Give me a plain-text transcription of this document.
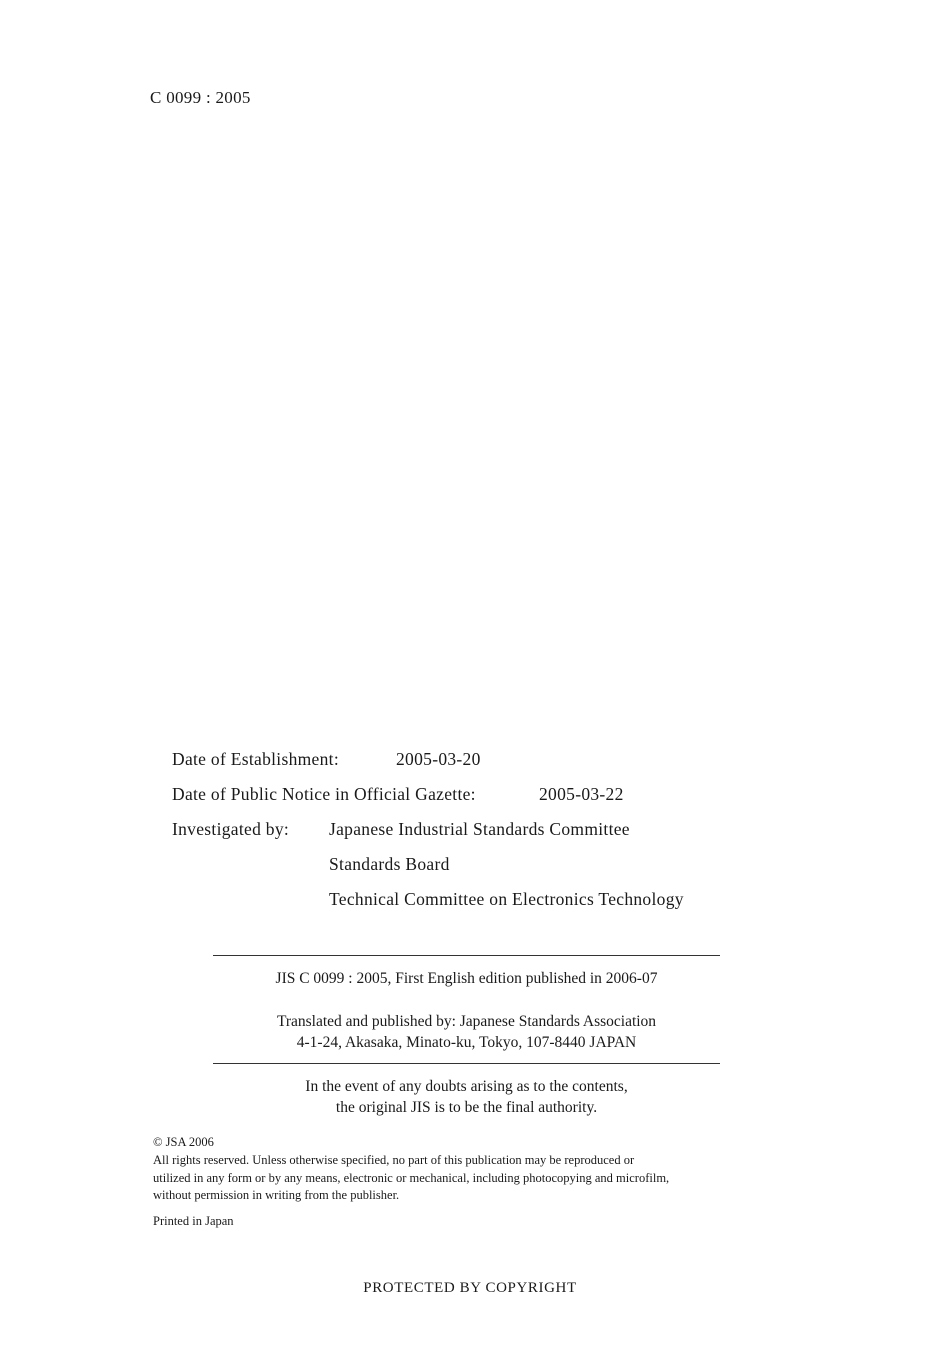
C 0099 : 2005
Date of Establishment:	2005-03-20
Date of Public Notice in Official Gazette:	2005-03-22
Investigated by: Japanese Industrial Standards Committee
Standards Board
Technical Committee on Electronics Technology
JIS C 0099 : 2005, First English edition published in 2006-07
Translated and published by: Japanese Standards Association
4-1-24, Akasaka, Minato-ku, Tokyo, 107-8440 JAPAN
In the event of any doubts arising as to the contents,
the original JIS is to be the final authority.
© JSA 2006
All rights reserved. Unless otherwise specified, no part of this publication may be reproduced or
utilized in any form or by any means, electronic or mechanical, including photocopying and microfilm,
without permission in writing from the publisher.
Printed in Japan
PROTECTED BY COPYRIGHT
